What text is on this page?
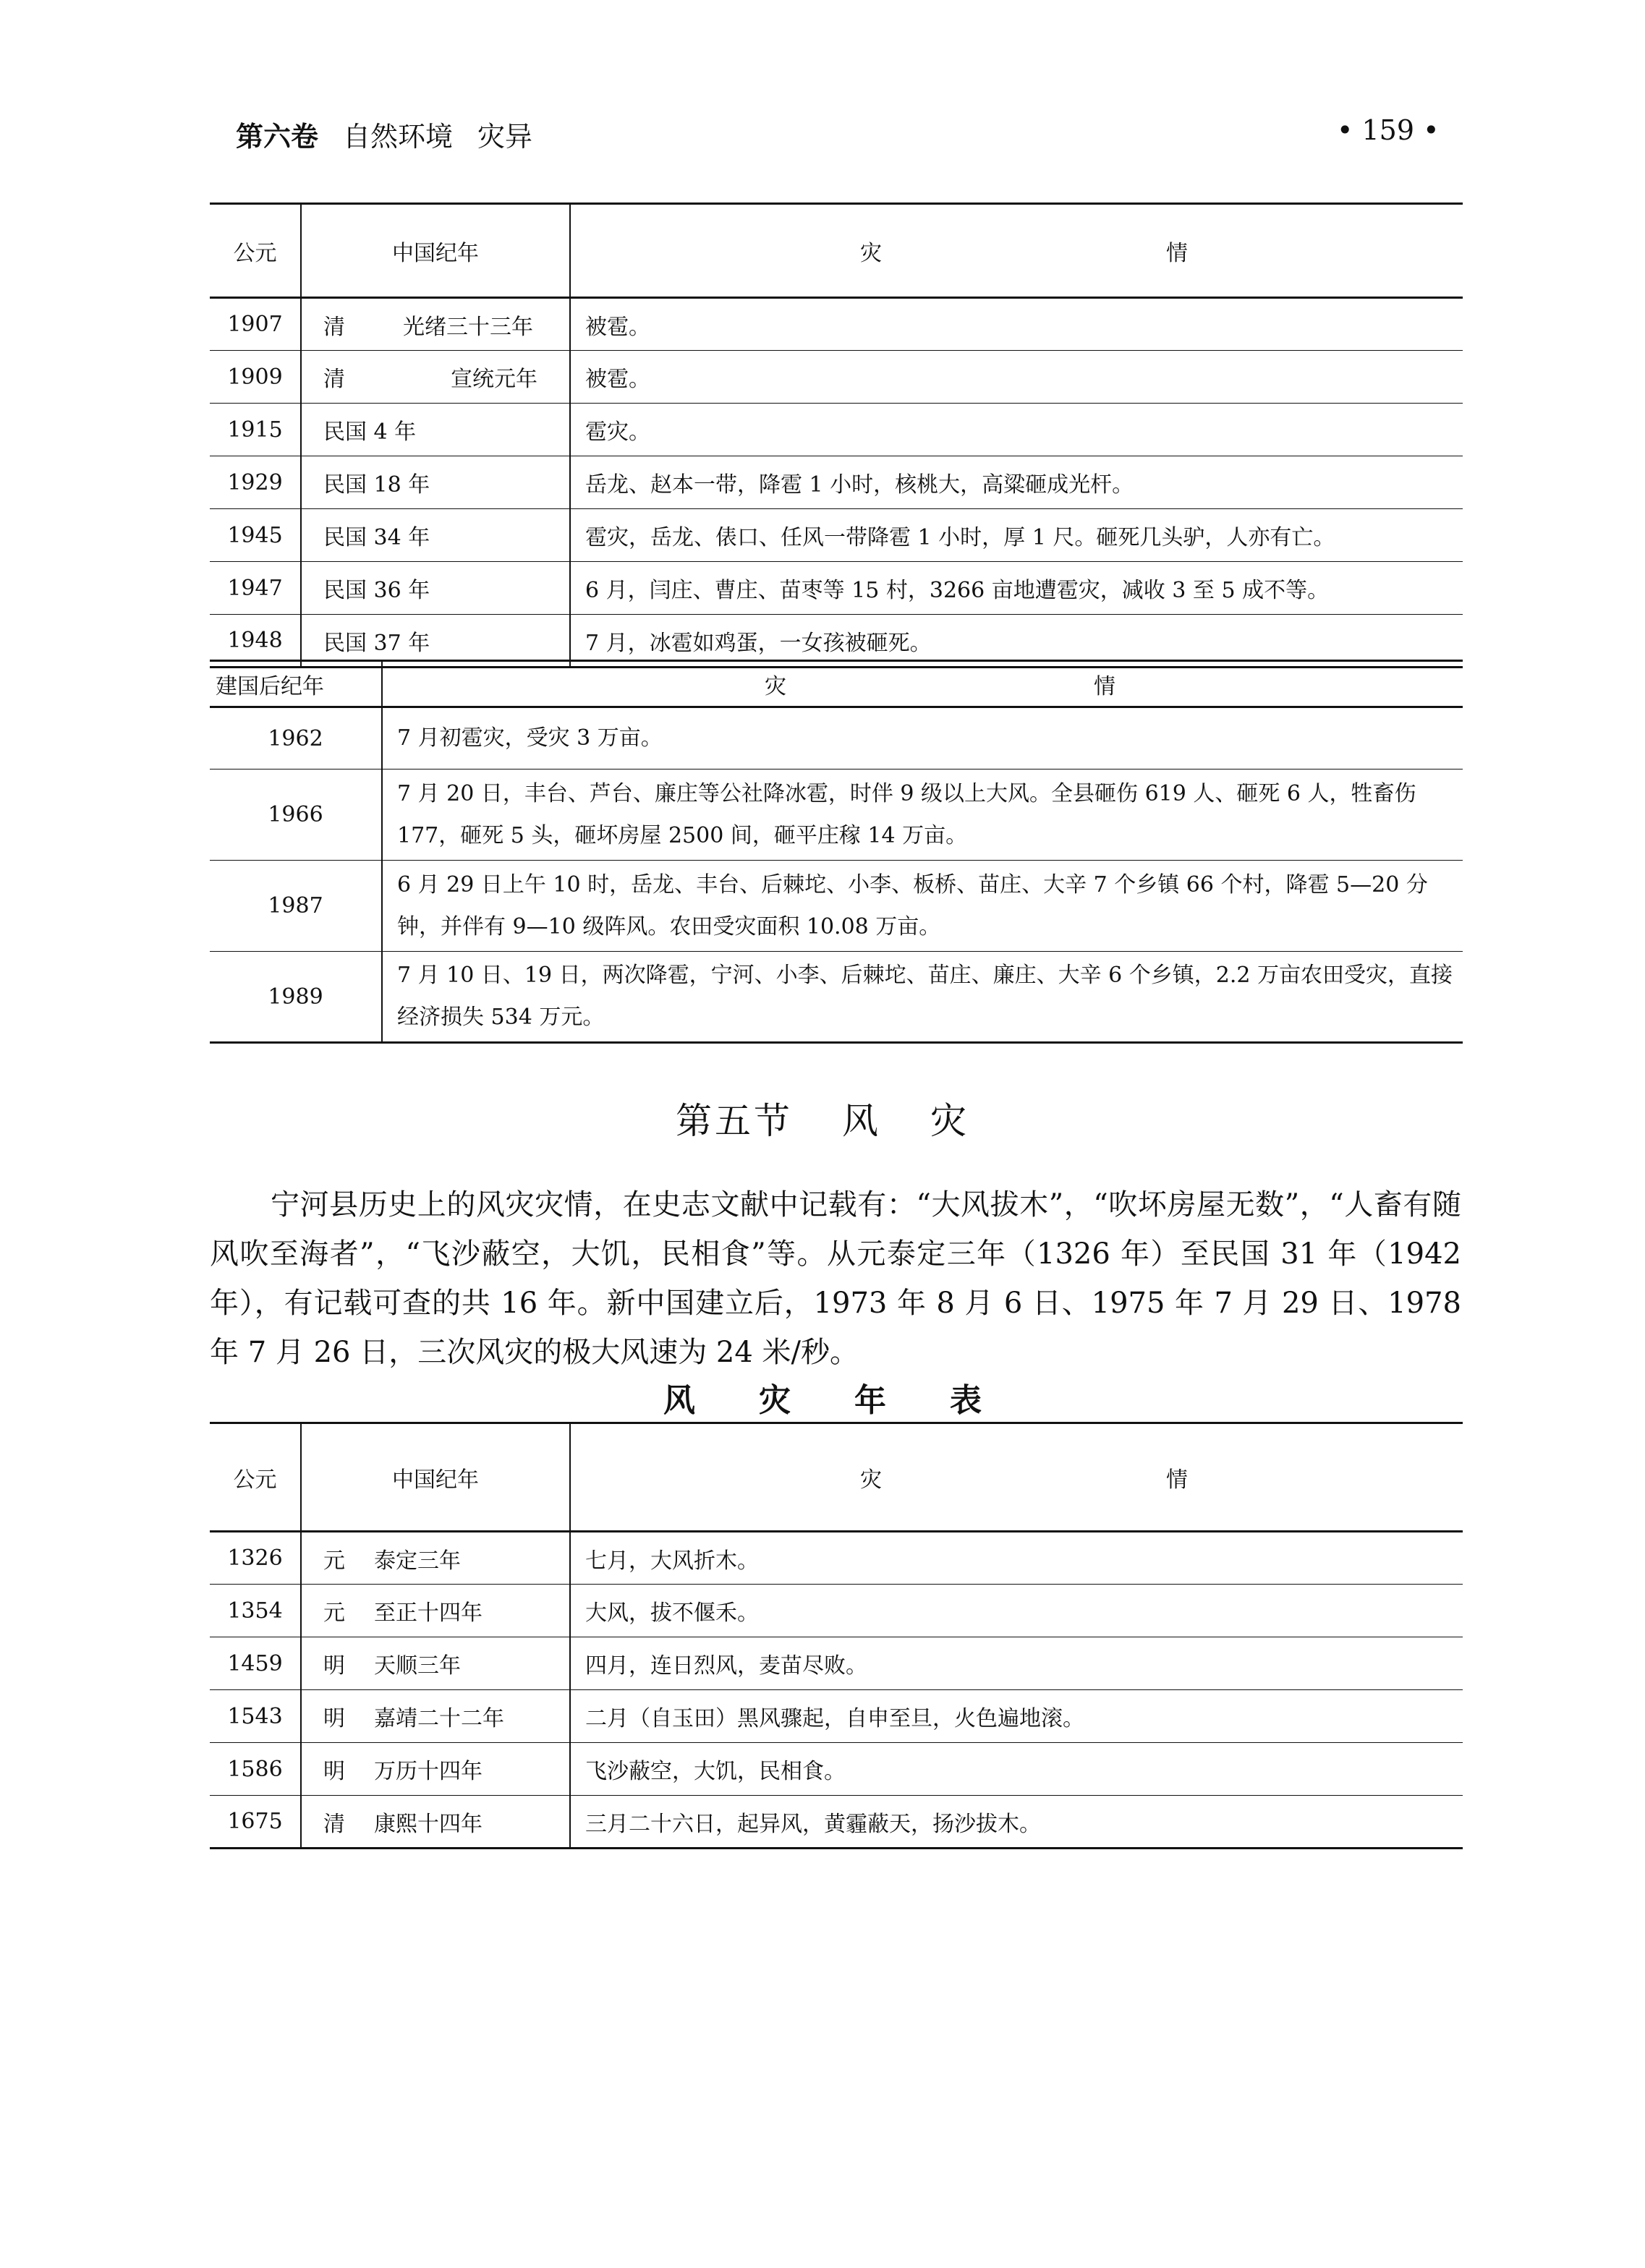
第六卷 自然环境 灾异	• 159 •
公元	中国纪年	灾 情

1907	清 光绪三十三年	被雹。
1909	清 宣统元年	被雹。
1915	民国 4 年	雹灾。
1929	民国 18 年	岳龙、赵本一带，降雹 1 小时，核桃大，高粱砸成光杆。
1945	民国 34 年	雹灾，岳龙、俵口、任风一带降雹 1 小时，厚 1 尺。砸死几头驴，人亦有亡。
1947	民国 36 年	6 月，闫庄、曹庄、苗枣等 15 村，3266 亩地遭雹灾，减收 3 至 5 成不等。
1948	民国 37 年	7 月，冰雹如鸡蛋，一女孩被砸死。
建国后纪年	灾 情

1962	7 月初雹灾，受灾 3 万亩。
1966	7 月 20 日，丰台、芦台、廉庄等公社降冰雹，时伴 9 级以上大风。全县砸伤 619 人、砸死 6 人，牲畜伤 177，砸死 5 头，砸坏房屋 2500 间，砸平庄稼 14 万亩。
1987	6 月 29 日上午 10 时，岳龙、丰台、后棘坨、小李、板桥、苗庄、大辛 7 个乡镇 66 个村，降雹 5—20 分钟，并伴有 9—10 级阵风。农田受灾面积 10.08 万亩。
1989	7 月 10 日、19 日，两次降雹，宁河、小李、后棘坨、苗庄、廉庄、大辛 6 个乡镇，2.2 万亩农田受灾，直接经济损失 534 万元。
第五节 风 灾
宁河县历史上的风灾灾情，在史志文献中记载有：“大风拔木”，“吹坏房屋无数”，“人畜有随风吹至海者”，“飞沙蔽空，大饥，民相食”等。从元泰定三年（1326 年）至民国 31 年（1942 年），有记载可查的共 16 年。新中国建立后，1973 年 8 月 6 日、1975 年 7 月 29 日、1978 年 7 月 26 日，三次风灾的极大风速为 24 米/秒。
风 灾 年 表
公元	中国纪年	灾 情

1326	元 泰定三年	七月，大风折木。
1354	元 至正十四年	大风，拔不偃禾。
1459	明 天顺三年	四月，连日烈风，麦苗尽败。
1543	明 嘉靖二十二年	二月（自玉田）黑风骤起，自申至旦，火色遍地滚。
1586	明 万历十四年	飞沙蔽空，大饥，民相食。
1675	清 康熙十四年	三月二十六日，起异风，黄霾蔽天，扬沙拔木。
